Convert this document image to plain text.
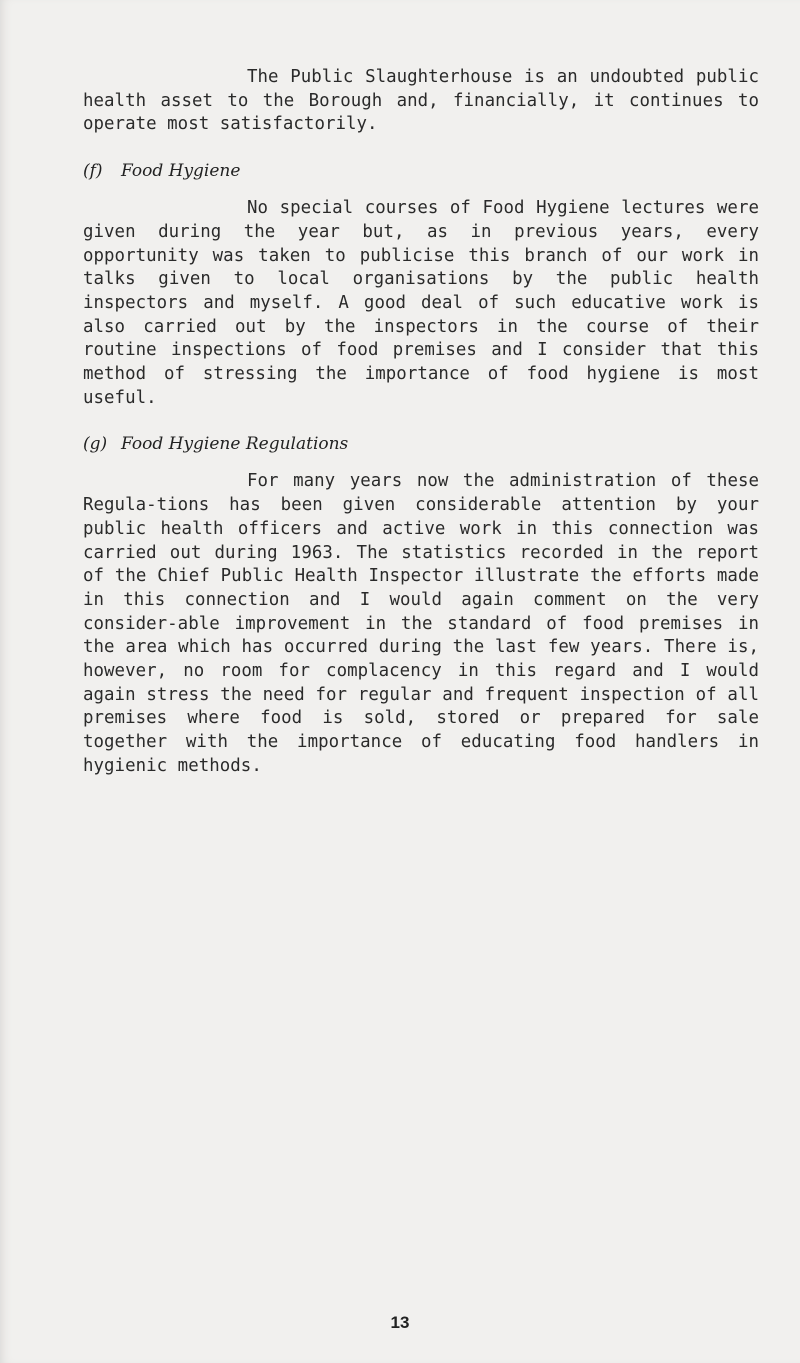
The Public Slaughterhouse is an undoubted public health asset to the Borough and, financially, it continues to operate most satisfactorily.

(f) Food Hygiene

No special courses of Food Hygiene lectures were given during the year but, as in previous years, every opportunity was taken to publicise this branch of our work in talks given to local organisations by the public health inspectors and myself. A good deal of such educative work is also carried out by the inspectors in the course of their routine inspections of food premises and I consider that this method of stressing the importance of food hygiene is most useful.

(g) Food Hygiene Regulations

For many years now the administration of these Regula-tions has been given considerable attention by your public health officers and active work in this connection was carried out during 1963. The statistics recorded in the report of the Chief Public Health Inspector illustrate the efforts made in this connection and I would again comment on the very consider-able improvement in the standard of food premises in the area which has occurred during the last few years. There is, however, no room for complacency in this regard and I would again stress the need for regular and frequent inspection of all premises where food is sold, stored or prepared for sale together with the importance of educating food handlers in hygienic methods.

13
